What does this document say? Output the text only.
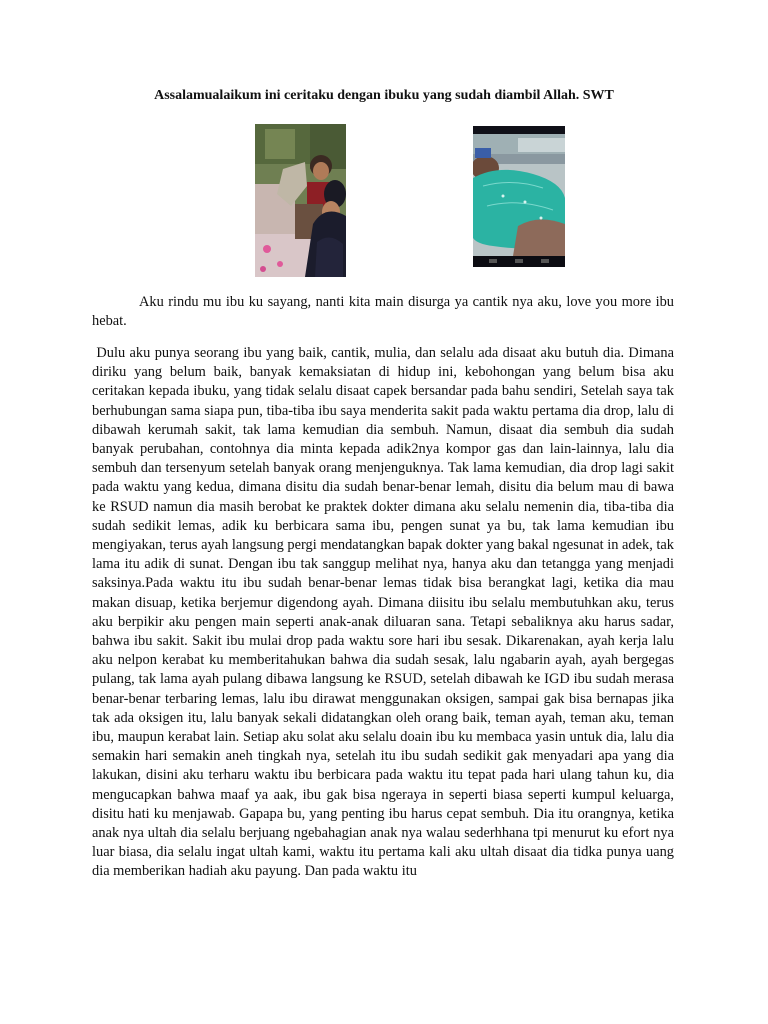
Assalamualaikum ini ceritaku dengan ibuku yang sudah diambil Allah. SWT

Aku rindu mu ibu ku sayang, nanti kita main disurga ya cantik nya aku, love you more ibu hebat.

Dulu aku punya seorang ibu yang baik, cantik, mulia, dan selalu ada disaat aku butuh dia. Dimana diriku yang belum baik, banyak kemaksiatan di hidup ini, kebohongan yang belum bisa aku ceritakan kepada ibuku, yang tidak selalu disaat capek bersandar pada bahu sendiri, Setelah saya tak berhubungan sama siapa pun, tiba-tiba ibu saya menderita sakit pada waktu pertama dia drop, lalu di dibawah kerumah sakit, tak lama kemudian dia sembuh. Namun, disaat dia sembuh dia sudah banyak perubahan, contohnya dia minta kepada adik2nya kompor gas dan lain-lainnya, lalu dia sembuh dan tersenyum setelah banyak orang menjenguknya. Tak lama kemudian, dia drop lagi sakit pada waktu yang kedua, dimana disitu dia sudah benar-benar lemah, disitu dia belum mau di bawa ke RSUD namun dia masih berobat ke praktek dokter dimana aku selalu nemenin dia, tiba-tiba dia sudah sedikit lemas, adik ku berbicara sama ibu, pengen sunat ya bu, tak lama kemudian ibu mengiyakan, terus ayah langsung pergi mendatangkan bapak dokter yang bakal ngesunat in adek, tak lama itu adik di sunat. Dengan ibu tak sanggup melihat nya, hanya aku dan tetangga yang menjadi saksinya.Pada waktu itu ibu sudah benar-benar lemas tidak bisa berangkat lagi, ketika dia mau makan disuap, ketika berjemur digendong ayah. Dimana diisitu ibu selalu membutuhkan aku, terus aku berpikir aku pengen main seperti anak-anak diluaran sana. Tetapi sebaliknya aku harus sadar, bahwa ibu sakit. Sakit ibu mulai drop pada waktu sore hari ibu sesak. Dikarenakan, ayah kerja lalu aku nelpon kerabat ku memberitahukan bahwa dia sudah sesak, lalu ngabarin ayah, ayah bergegas pulang, tak lama ayah pulang dibawa langsung ke RSUD, setelah dibawah ke IGD ibu sudah merasa benar-benar terbaring lemas, lalu ibu dirawat menggunakan oksigen, sampai gak bisa bernapas jika tak ada oksigen itu, lalu banyak sekali didatangkan oleh orang baik, teman ayah, teman aku, teman ibu, maupun kerabat lain. Setiap aku solat aku selalu doain ibu ku membaca yasin untuk dia, lalu dia semakin hari semakin aneh tingkah nya, setelah itu ibu sudah sedikit gak menyadari apa yang dia lakukan, disini aku terharu waktu ibu berbicara pada waktu itu tepat pada hari ulang tahun ku, dia mengucapkan bahwa maaf ya aak, ibu gak bisa ngeraya in seperti biasa seperti kumpul keluarga, disitu hati ku menjawab. Gapapa bu, yang penting ibu harus cepat sembuh. Dia itu orangnya, ketika anak nya ultah dia selalu berjuang ngebahagian anak nya walau sederhhana tpi menurut ku efort nya luar biasa, dia selalu ingat ultah kami, waktu itu pertama kali aku ultah disaat dia tidka punya uang dia memberikan hadiah aku payung. Dan pada waktu itu
